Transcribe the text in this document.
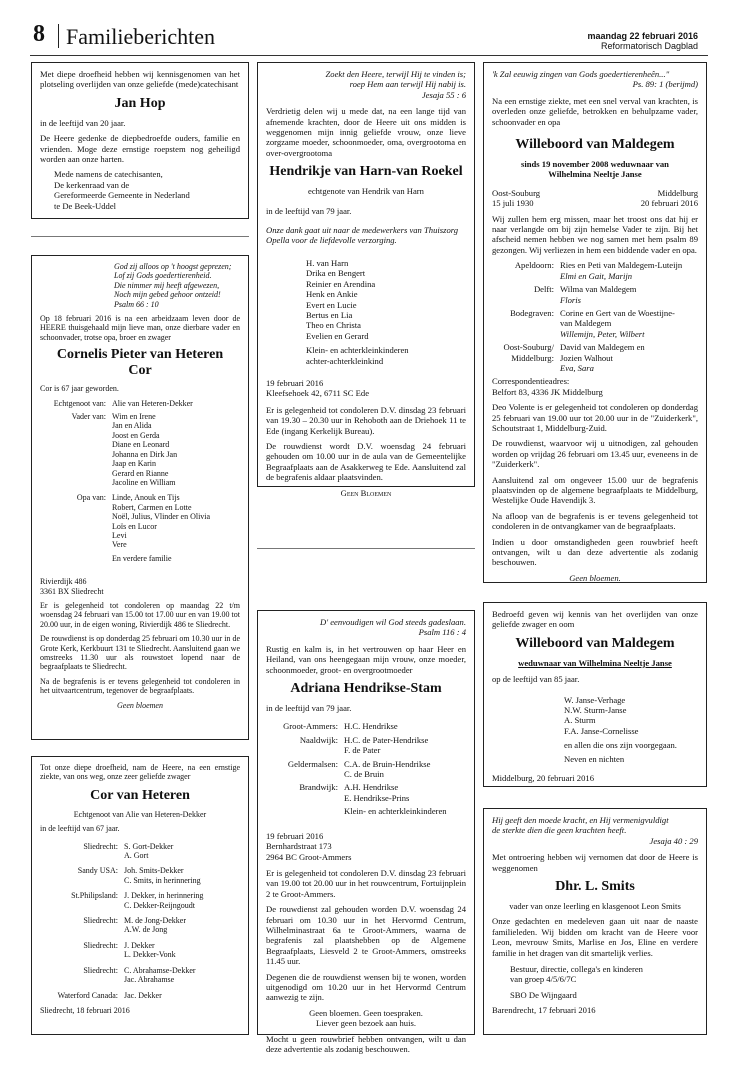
8 Familieberichten	maandag 22 februari 2016
Reformatorisch Dagblad

Met diepe droefheid hebben wij kennisgenomen van het plotseling overlijden van onze geliefde (mede)catechisant

Jan Hop

in de leeftijd van 20 jaar.

De Heere gedenke de diepbedroefde ouders, familie en vrienden. Moge deze ernstige roepstem nog geheiligd worden aan onze harten.

Mede namens de catechisanten,
De kerkenraad van de
Gereformeerde Gemeente in Nederland
te De Beek-Uddel
God zij alloos op 't hoogst geprezen;
Lof zij Gods goedertierenheid.
Die nimmer mij heeft afgewezen,
Noch mijn gebed gehoor ontzeid!
Psalm 66 : 10

Op 18 februari 2016 is na een arbeidzaam leven door de HEERE thuisgehaald mijn lieve man, onze dierbare vader en schoonvader, trotse opa, broer en zwager

Cornelis Pieter van Heteren
Cor

Cor is 67 jaar geworden.

Echtgenoot van: Alie van Heteren-Dekker
Vader van: Wim en Irene
Jan en Alida
Joost en Gerda
Diane en Leonard
Johanna en Dirk Jan
Jaap en Karin
Gerard en Rianne
Jacoline en William
Opa van: Linde, Anouk en Tijs
Robert, Carmen en Lotte
Noël, Julius, Vlinder en Olivia
Loïs en Lucor
Levi
Vere
En verdere familie
Rivierdijk 486
3361 BX Sliedrecht

Er is gelegenheid tot condoleren op maandag 22 t/m woensdag 24 februari van 15.00 tot 17.00 uur en van 19.00 tot 20.00 uur, in de eigen woning, Rivierdijk 486 te Sliedrecht.

De rouwdienst is op donderdag 25 februari om 10.30 uur in de Grote Kerk, Kerkbuurt 131 te Sliedrecht. Aansluitend gaan we omstreeks 11.30 uur als rouwstoet lopend naar de begraafplaats te Sliedrecht.

Na de begrafenis is er tevens gelegenheid tot condoleren in het uitvaartcentrum, tegenover de begraafplaats.

Geen bloemen

Tot onze diepe droefheid, nam de Heere, na een ernstige ziekte, van ons weg, onze zeer geliefde zwager

Cor van Heteren

Echtgenoot van Alie van Heteren-Dekker

in de leeftijd van 67 jaar.

Sliedrecht: S. Gort-Dekker
A. Gort
Sandy USA: Joh. Smits-Dekker
C. Smits, in herinnering
St.Philipsland: J. Dekker, in herinnering
C. Dekker-Reijngoudt
Sliedrecht: M. de Jong-Dekker
A.W. de Jong
Sliedrecht: J. Dekker
L. Dekker-Vonk
Sliedrecht: C. Abrahamse-Dekker
Jac. Abrahamse
Waterford Canada: Jac. Dekker
Sliedrecht, 18 februari 2016
Zoekt den Heere, terwijl Hij te vinden is;
roep Hem aan terwijl Hij nabij is.
Jesaja 55 : 6

Verdrietig delen wij u mede dat, na een lange tijd van afnemende krachten, door de Heere uit ons midden is weggenomen mijn innig geliefde vrouw, onze lieve zorgzame moeder, schoonmoeder, oma, overgrootoma en over-overgrootoma

Hendrikje van Harn-van Roekel

echtgenote van Hendrik van Harn

in de leeftijd van 79 jaar.

Onze dank gaat uit naar de medewerkers van Thuiszorg Opella voor de liefdevolle verzorging.

H. van Harn
Drika en Bengert
Reinier en Arendina
Henk en Ankie
Evert en Lucie
Bertus en Lia
Theo en Christa
Evelien en Gerard
Klein- en achterkleinkinderen
achter-achterkleinkind
19 februari 2016
Kleefsehoek 42, 6711 SC Ede

Er is gelegenheid tot condoleren D.V. dinsdag 23 februari van 19.30 – 20.30 uur in Rehoboth aan de Driehoek 11 te Ede (ingang Kerkelijk Bureau).

De rouwdienst wordt D.V. woensdag 24 februari gehouden om 10.00 uur in de aula van de Gemeentelijke Begraafplaats aan de Asakkerweg te Ede. Aansluitend zal de begrafenis aldaar plaatsvinden.

Geen Bloemen
D' eenvoudigen wil God steeds gadeslaan.
Psalm 116 : 4

Rustig en kalm is, in het vertrouwen op haar Heer en Heiland, van ons heengegaan mijn vrouw, onze moeder, schoonmoeder, groot- en overgrootmoeder

Adriana Hendrikse-Stam

in de leeftijd van 79 jaar.

Groot-Ammers: H.C. Hendrikse
Naaldwijk: H.C. de Pater-Hendrikse
F. de Pater
Geldermalsen: C.A. de Bruin-Hendrikse
C. de Bruin
Brandwijk: A.H. Hendrikse
E. Hendrikse-Prins
Klein- en achterkleinkinderen
19 februari 2016
Bernhardstraat 173
2964 BC Groot-Ammers

Er is gelegenheid tot condoleren D.V. dinsdag 23 februari van 19.00 tot 20.00 uur in het rouwcentrum, Fortuijnplein 2 te Groot-Ammers.

De rouwdienst zal gehouden worden D.V. woensdag 24 februari om 10.30 uur in het Hervormd Centrum, Wilhelminastraat 6a te Groot-Ammers, waarna de begrafenis zal plaatshebben op de Algemene Begraafplaats, Liesveld 2 te Groot-Ammers, omstreeks 11.45 uur.

Degenen die de rouwdienst wensen bij te wonen, worden uitgenodigd om 10.20 uur in het Hervormd Centrum aanwezig te zijn.

Geen bloemen. Geen toespraken.
Liever geen bezoek aan huis.

Mocht u geen rouwbrief hebben ontvangen, wilt u dan deze advertentie als zodanig beschouwen.

'k Zal eeuwig zingen van Gods goedertierenheên..."
Ps. 89: 1 (berijmd)

Na een ernstige ziekte, met een snel verval van krachten, is overleden onze geliefde, betrokken en behulpzame vader, schoonvader en opa

Willeboord van Maldegem
sinds 19 november 2008 weduwnaar van
Wilhelmina Neeltje Janse
Oost-Souburg
15 juli 1930
Middelburg
20 februari 2016

Wij zullen hem erg missen, maar het troost ons dat hij er naar verlangde om bij zijn hemelse Vader te zijn. Bij het afscheid nemen hebben we nog samen met hem psalm 89 gezongen. Wij verliezen in hem een biddende vader en opa.

Apeldoorn: Ries en Peti van Maldegem-Luteijn
Elmi en Gait, Marijn
Delft: Wilma van Maldegem
Floris
Bodegraven: Corine en Gert van de Woestijne-
van Maldegem
Willemijn, Peter, Wilbert
Oost-Souburg/ Middelburg:
David van Maldegem en
Jozien Walhout
Eva, Sara
Correspondentieadres:
Belfort 83, 4336 JK Middelburg

Deo Volente is er gelegenheid tot condoleren op donderdag 25 februari van 19.00 uur tot 20.00 uur in de "Zuiderkerk", Schoutstraat 1, Middelburg-Zuid.

De rouwdienst, waarvoor wij u uitnodigen, zal gehouden worden op vrijdag 26 februari om 13.45 uur, eveneens in de "Zuiderkerk".

Aansluitend zal om ongeveer 15.00 uur de begrafenis plaatsvinden op de algemene begraafplaats te Middelburg, Westelijke Oude Havendijk 3.

Na afloop van de begrafenis is er tevens gelegenheid tot condoleren in de ontvangkamer van de begraafplaats.

Indien u door omstandigheden geen rouwbrief heeft ontvangen, wilt u dan deze advertentie als zodanig beschouwen.

Geen bloemen.

Bedroefd geven wij kennis van het overlijden van onze geliefde zwager en oom

Willeboord van Maldegem
weduwnaar van Wilhelmina Neeltje Janse

op de leeftijd van 85 jaar.

W. Janse-Verhage
N.W. Sturm-Janse
A. Sturm
F.A. Janse-Cornelisse
en allen die ons zijn voorgegaan.
Neven en nichten
Middelburg, 20 februari 2016
Hij geeft den moede kracht, en Hij vermenigvuldigt
de sterkte dien die geen krachten heeft.
Jesaja 40 : 29

Met ontroering hebben wij vernomen dat door de Heere is weggenomen

Dhr. L. Smits

vader van onze leerling en klasgenoot Leon Smits

Onze gedachten en medeleven gaan uit naar de naaste familieleden. Wij bidden om kracht van de Heere voor Leon, mevrouw Smits, Marlise en Jos, Eline en verdere familie in het dragen van dit smartelijk verlies.

Bestuur, directie, collega's en kinderen
van groep 4/5/6/7C
SBO De Wijngaard
Barendrecht, 17 februari 2016
